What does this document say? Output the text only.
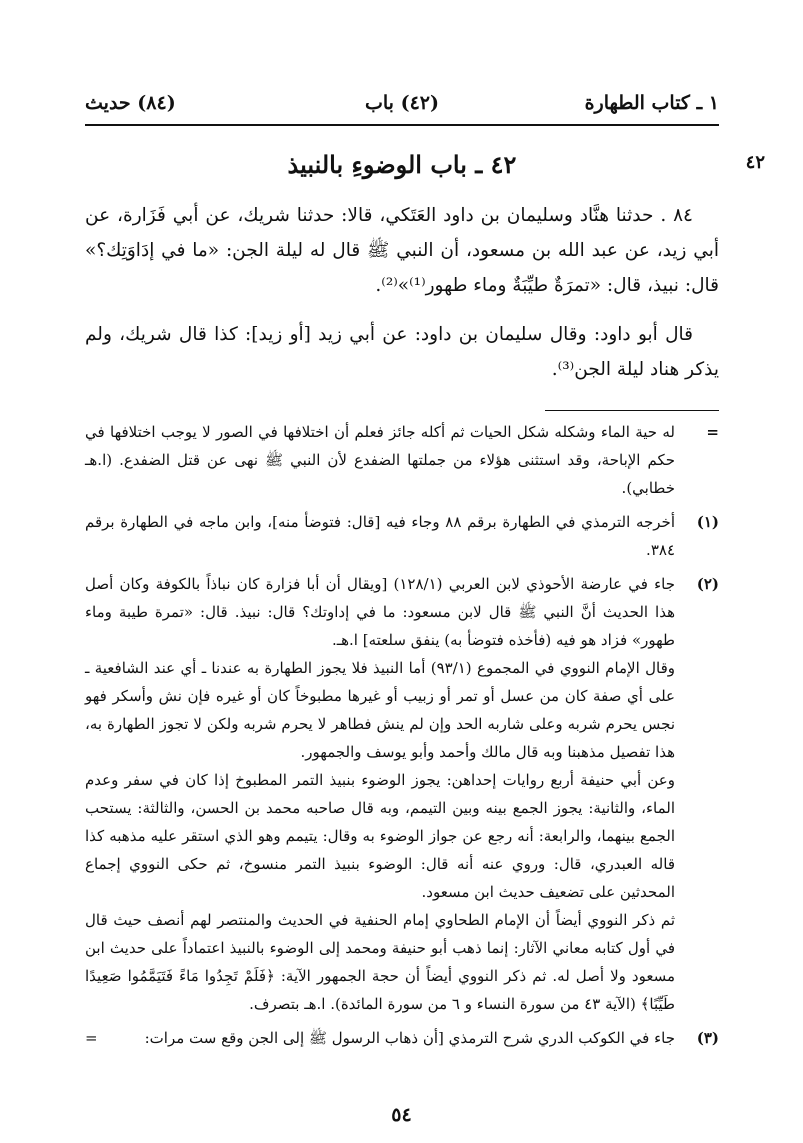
١ ـ كتاب الطهارة
(٤٢) باب
(٨٤) حديث
٤٢
٤٢ ـ باب الوضوءِ بالنبيذ

٨٤ . حدثنا هنَّاد وسليمان بن داود العَتَكي، قالا: حدثنا شريك، عن أبي فَزَارة، عن أبي زيد، عن عبد الله بن مسعود، أن النبي ﷺ قال له ليلة الجن: «ما في إدَاوَتِك؟» قال: نبيذ، قال: «تمرَةٌ طيِّبَةٌ وماء طهور⁽¹⁾»⁽²⁾.

قال أبو داود: وقال سليمان بن داود: عن أبي زيد [أو زيد]: كذا قال شريك، ولم يذكر هناد ليلة الجن⁽³⁾.

=

له حية الماء وشكله شكل الحيات ثم أكله جائز فعلم أن اختلافها في الصور لا يوجب اختلافها في حكم الإباحة، وقد استثنى هؤلاء من جملتها الضفدع لأن النبي ﷺ نهى عن قتل الضفدع. (ا.هـ خطابي).

(١)

أخرجه الترمذي في الطهارة برقم ٨٨ وجاء فيه [قال: فتوضأ منه]، وابن ماجه في الطهارة برقم ٣٨٤.

(٢)

جاء في عارضة الأحوذي لابن العربي (١٢٨/١) [ويقال أن أبا فزارة كان نباذاً بالكوفة وكان أصل هذا الحديث أنَّ النبي ﷺ قال لابن مسعود: ما في إداوتك؟ قال: نبيذ. قال: «تمرة طيبة وماء طهور» فزاد هو فيه (فأخذه فتوضأ به) ينفق سلعته] ا.هـ.

وقال الإمام النووي في المجموع (٩٣/١) أما النبيذ فلا يجوز الطهارة به عندنا ـ أي عند الشافعية ـ على أي صفة كان من عسل أو تمر أو زبيب أو غيرها مطبوخاً كان أو غيره فإن نش وأسكر فهو نجس يحرم شربه وعلى شاربه الحد وإن لم ينش فطاهر لا يحرم شربه ولكن لا تجوز الطهارة به، هذا تفصيل مذهبنا وبه قال مالك وأحمد وأبو يوسف والجمهور.

وعن أبي حنيفة أربع روايات إحداهن: يجوز الوضوء بنبيذ التمر المطبوخ إذا كان في سفر وعدم الماء، والثانية: يجوز الجمع بينه وبين التيمم، وبه قال صاحبه محمد بن الحسن، والثالثة: يستحب الجمع بينهما، والرابعة: أنه رجع عن جواز الوضوء به وقال: يتيمم وهو الذي استقر عليه مذهبه كذا قاله العبدري، قال: وروي عنه أنه قال: الوضوء بنبيذ التمر منسوخ، ثم حكى النووي إجماع المحدثين على تضعيف حديث ابن مسعود.

ثم ذكر النووي أيضاً أن الإمام الطحاوي إمام الحنفية في الحديث والمنتصر لهم أنصف حيث قال في أول كتابه معاني الآثار: إنما ذهب أبو حنيفة ومحمد إلى الوضوء بالنبيذ اعتماداً على حديث ابن مسعود ولا أصل له. ثم ذكر النووي أيضاً أن حجة الجمهور الآية: ﴿فَلَمْ تَجِدُوا مَاءً فَتَيَمَّمُوا صَعِيدًا طَيِّبًا﴾ (الآية ٤٣ من سورة النساء و ٦ من سورة المائدة). ا.هـ بتصرف.

(٣)

جاء في الكوكب الدري شرح الترمذي [أن ذهاب الرسول ﷺ إلى الجن وقع ست مرات:

=
٥٤
